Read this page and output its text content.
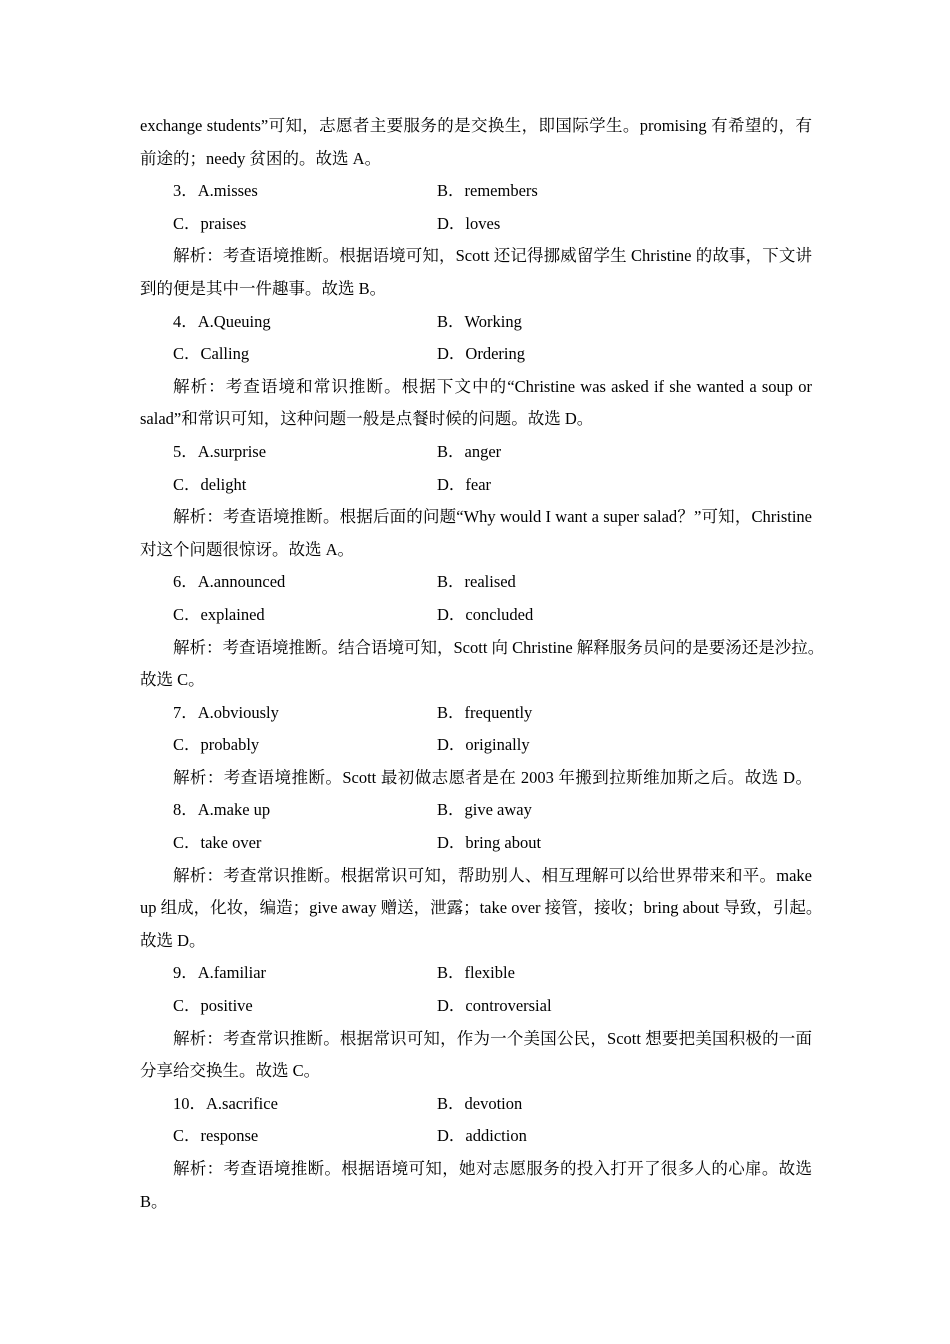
exchange students”可知，志愿者主要服务的是交换生，即国际学生。promising 有希望的，有
前途的；needy 贫困的。故选 A。
3．A.misses	B．remembers
C．praises	D．loves
解析：考查语境推断。根据语境可知，Scott 还记得挪威留学生 Christine 的故事，下文讲
到的便是其中一件趣事。故选 B。
4．A.Queuing	B．Working
C．Calling	D．Ordering
解析：考查语境和常识推断。根据下文中的“Christine was asked if she wanted a soup or
salad”和常识可知，这种问题一般是点餐时候的问题。故选 D。
5．A.surprise	B．anger
C．delight	D．fear
解析：考查语境推断。根据后面的问题“Why would I want a super salad？”可知，Christine
对这个问题很惊讶。故选 A。
6．A.announced	B．realised
C．explained	D．concluded
解析：考查语境推断。结合语境可知，Scott 向 Christine 解释服务员问的是要汤还是沙拉。
故选 C。
7．A.obviously	B．frequently
C．probably	D．originally
解析：考查语境推断。Scott 最初做志愿者是在 2003 年搬到拉斯维加斯之后。故选 D。
8．A.make up	B．give away
C．take over	D．bring about
解析：考查常识推断。根据常识可知，帮助别人、相互理解可以给世界带来和平。make
up 组成，化妆，编造；give away 赠送，泄露；take over 接管，接收；bring about 导致，引起。
故选 D。
9．A.familiar	B．flexible
C．positive	D．controversial
解析：考查常识推断。根据常识可知，作为一个美国公民，Scott 想要把美国积极的一面
分享给交换生。故选 C。
10．A.sacrifice	B．devotion
C．response	D．addiction
解析：考查语境推断。根据语境可知，她对志愿服务的投入打开了很多人的心扉。故选
B。
